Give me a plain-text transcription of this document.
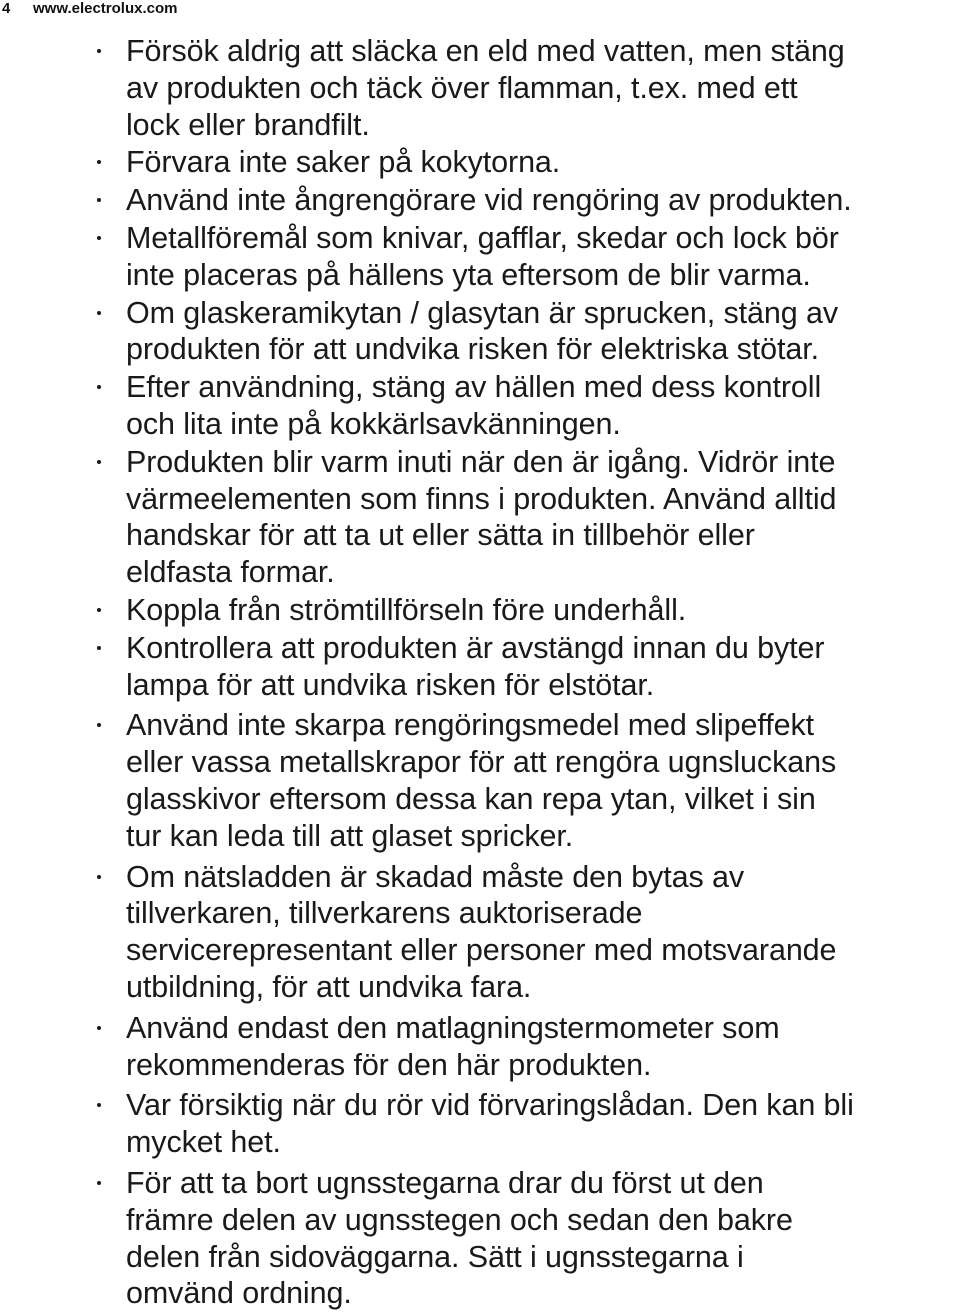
4 www.electrolux.com
Försök aldrig att släcka en eld med vatten, men stäng
av produkten och täck över flamman, t.ex. med ett
lock eller brandfilt.
Förvara inte saker på kokytorna.
Använd inte ångrengörare vid rengöring av produkten.
Metallföremål som knivar, gafflar, skedar och lock bör
inte placeras på hällens yta eftersom de blir varma.
Om glaskeramikytan / glasytan är sprucken, stäng av
produkten för att undvika risken för elektriska stötar.
Efter användning, stäng av hällen med dess kontroll
och lita inte på kokkärlsavkänningen.
Produkten blir varm inuti när den är igång. Vidrör inte
värmeelementen som finns i produkten. Använd alltid
handskar för att ta ut eller sätta in tillbehör eller
eldfasta formar.
Koppla från strömtillförseln före underhåll.
Kontrollera att produkten är avstängd innan du byter
lampa för att undvika risken för elstötar.
Använd inte skarpa rengöringsmedel med slipeffekt
eller vassa metallskrapor för att rengöra ugnsluckans
glasskivor eftersom dessa kan repa ytan, vilket i sin
tur kan leda till att glaset spricker.
Om nätsladden är skadad måste den bytas av
tillverkaren, tillverkarens auktoriserade
servicerepresentant eller personer med motsvarande
utbildning, för att undvika fara.
Använd endast den matlagningstermometer som
rekommenderas för den här produkten.
Var försiktig när du rör vid förvaringslådan. Den kan bli
mycket het.
För att ta bort ugnsstegarna drar du först ut den
främre delen av ugnsstegen och sedan den bakre
delen från sidoväggarna. Sätt i ugnsstegarna i
omvänd ordning.
